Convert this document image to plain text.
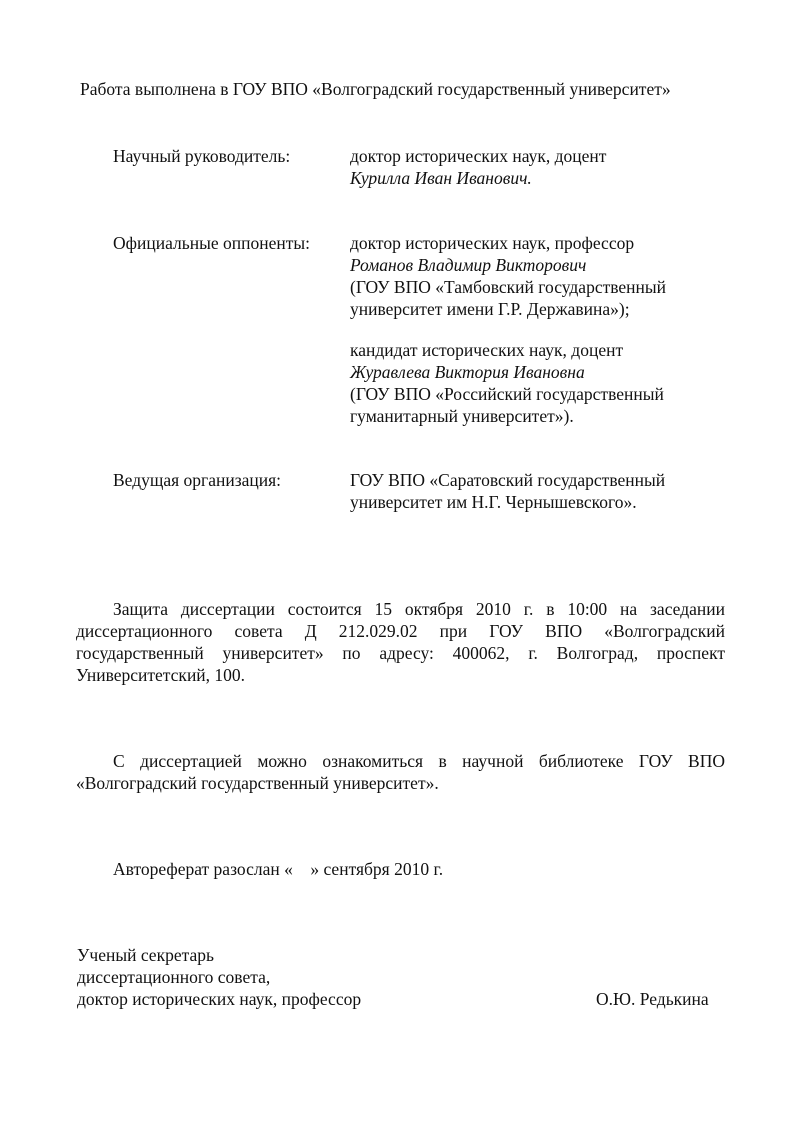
Работа выполнена в ГОУ ВПО «Волгоградский государственный университет»
Научный руководитель:	доктор исторических наук, доцент
Курилла Иван Иванович.
Официальные оппоненты: доктор исторических наук, профессор
Романов Владимир Викторович
(ГОУ ВПО «Тамбовский государственный
университет имени Г.Р. Державина»);
кандидат исторических наук, доцент
Журавлева Виктория Ивановна
(ГОУ ВПО «Российский государственный
гуманитарный университет»).
Ведущая организация:	ГОУ ВПО «Саратовский государственный
университет им Н.Г. Чернышевского».
Защита диссертации состоится 15 октября 2010 г. в 10:00 на заседании
диссертационного совета Д 212.029.02 при ГОУ ВПО «Волгоградский
государственный университет» по адресу: 400062, г. Волгоград, проспект
Университетский, 100.
С диссертацией можно ознакомиться в научной библиотеке ГОУ ВПО
«Волгоградский государственный университет».
Автореферат разослан «    » сентября 2010 г.
Ученый секретарь
диссертационного совета,
доктор исторических наук, профессор	О.Ю. Редькина
